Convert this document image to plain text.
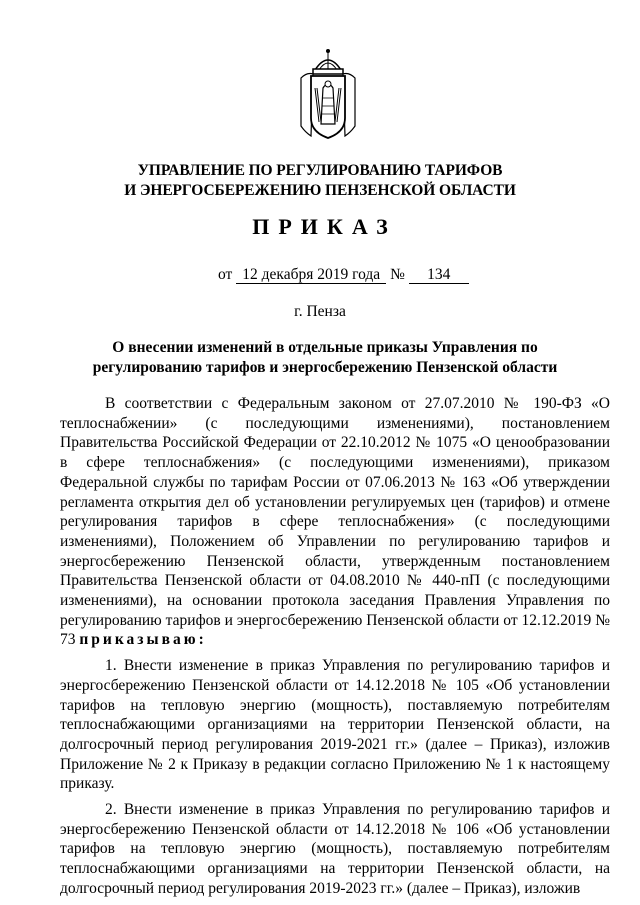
УПРАВЛЕНИЕ ПО РЕГУЛИРОВАНИЮ ТАРИФОВ
И ЭНЕРГОСБЕРЕЖЕНИЮ ПЕНЗЕНСКОЙ ОБЛАСТИ
ПРИКАЗ
от 12 декабря 2019 года № 134
г. Пенза
О внесении изменений в отдельные приказы Управления по регулированию тарифов и энергосбережению Пензенской области

В соответствии с Федеральным законом от 27.07.2010 № 190-ФЗ «О теплоснабжении» (с последующими изменениями), постановлением Правительства Российской Федерации от 22.10.2012 № 1075 «О ценообразовании в сфере теплоснабжения» (с последующими изменениями), приказом Федеральной службы по тарифам России от 07.06.2013 № 163 «Об утверждении регламента открытия дел об установлении регулируемых цен (тарифов) и отмене регулирования тарифов в сфере теплоснабжения» (с последующими изменениями), Положением об Управлении по регулированию тарифов и энергосбережению Пензенской области, утвержденным постановлением Правительства Пензенской области от 04.08.2010 № 440-пП (с последующими изменениями), на основании протокола заседания Правления Управления по регулированию тарифов и энергосбережению Пензенской области от 12.12.2019 № 73 приказываю:

1. Внести изменение в приказ Управления по регулированию тарифов и энергосбережению Пензенской области от 14.12.2018 № 105 «Об установлении тарифов на тепловую энергию (мощность), поставляемую потребителям теплоснабжающими организациями на территории Пензенской области, на долгосрочный период регулирования 2019-2021 гг.» (далее – Приказ), изложив Приложение № 2 к Приказу в редакции согласно Приложению № 1 к настоящему приказу.

2. Внести изменение в приказ Управления по регулированию тарифов и энергосбережению Пензенской области от 14.12.2018 № 106 «Об установлении тарифов на тепловую энергию (мощность), поставляемую потребителям теплоснабжающими организациями на территории Пензенской области, на долгосрочный период регулирования 2019-2023 гг.» (далее – Приказ), изложив
